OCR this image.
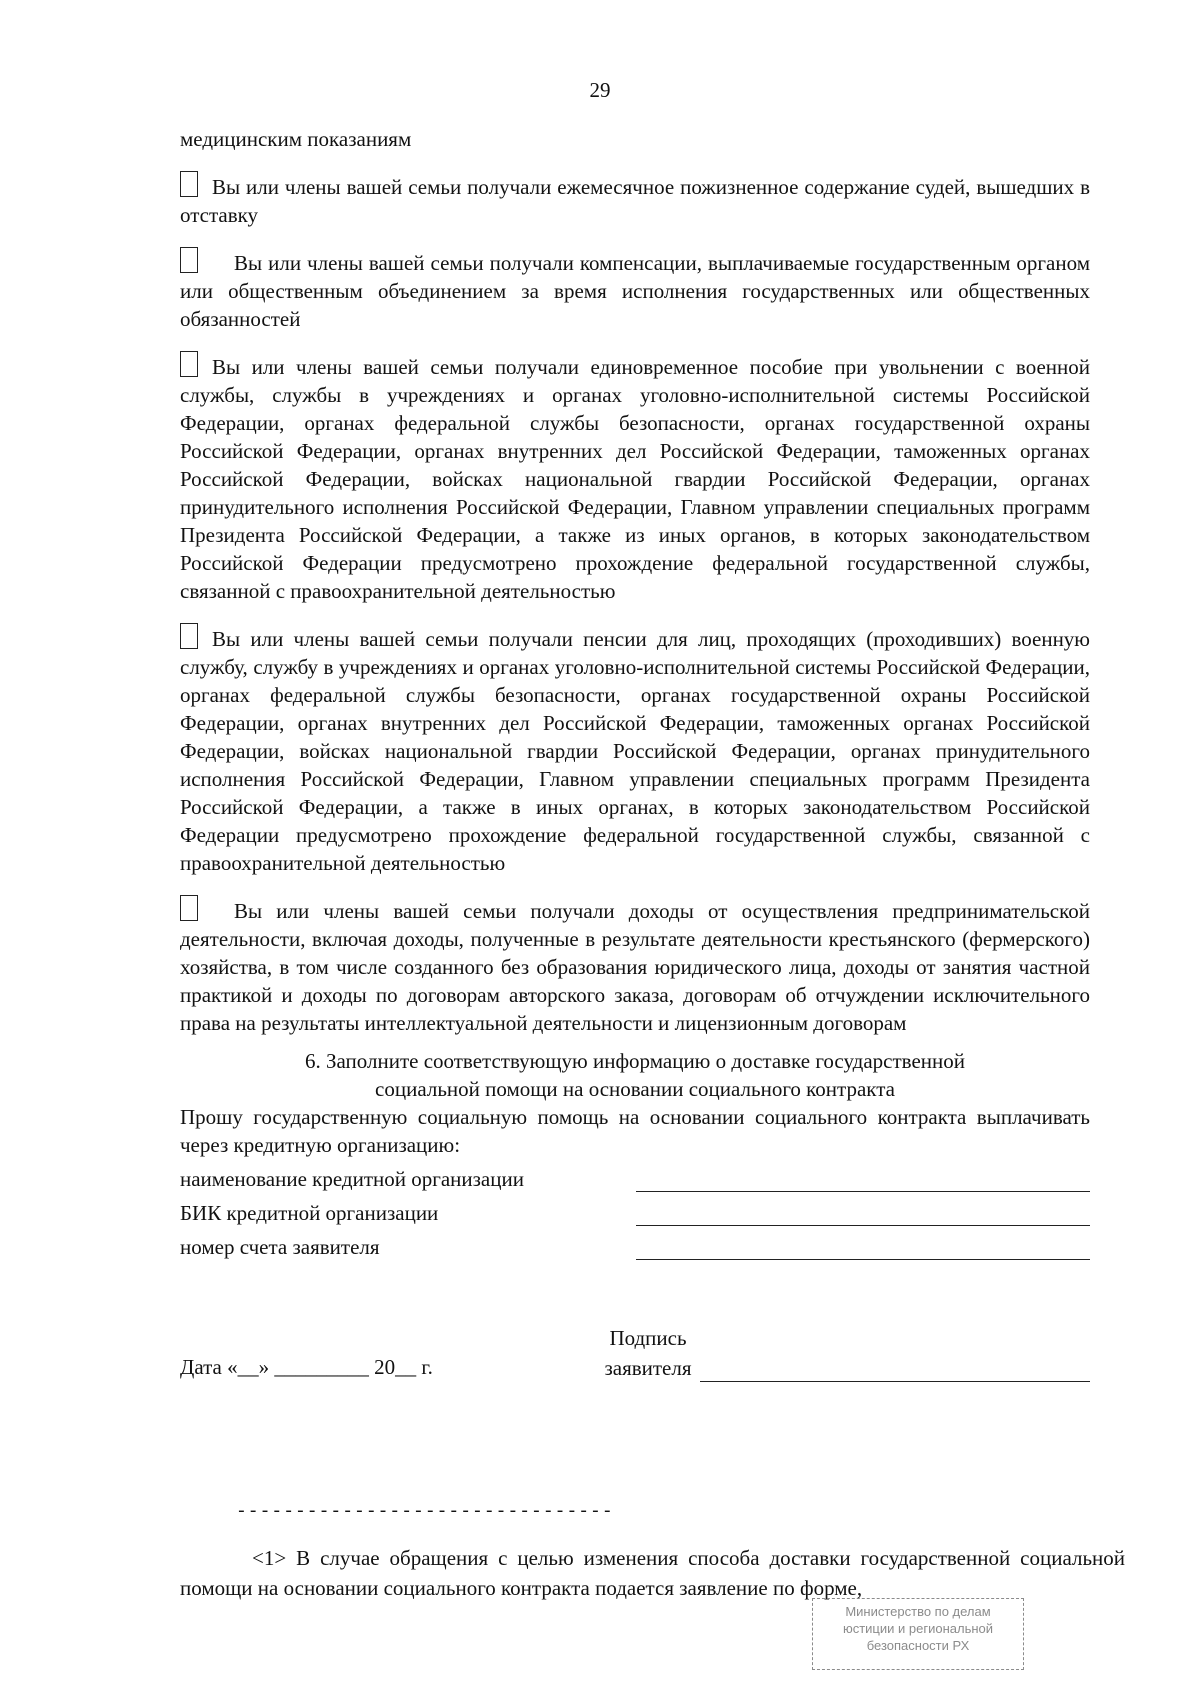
29

медицинским показаниям

Вы или члены вашей семьи получали ежемесячное пожизненное содержание судей, вышедших в отставку
Вы или члены вашей семьи получали компенсации, выплачиваемые государственным органом или общественным объединением за время исполнения государственных или общественных обязанностей
Вы или члены вашей семьи получали единовременное пособие при увольнении с военной службы, службы в учреждениях и органах уголовно-исполнительной системы Российской Федерации, органах федеральной службы безопасности, органах государственной охраны Российской Федерации, органах внутренних дел Российской Федерации, таможенных органах Российской Федерации, войсках национальной гвардии Российской Федерации, органах принудительного исполнения Российской Федерации, Главном управлении специальных программ Президента Российской Федерации, а также из иных органов, в которых законодательством Российской Федерации предусмотрено прохождение федеральной государственной службы, связанной с правоохранительной деятельностью
Вы или члены вашей семьи получали пенсии для лиц, проходящих (проходивших) военную службу, службу в учреждениях и органах уголовно-исполнительной системы Российской Федерации, органах федеральной службы безопасности, органах государственной охраны Российской Федерации, органах внутренних дел Российской Федерации, таможенных органах Российской Федерации, войсках национальной гвардии Российской Федерации, органах принудительного исполнения Российской Федерации, Главном управлении специальных программ Президента Российской Федерации, а также в иных органах, в которых законодательством Российской Федерации предусмотрено прохождение федеральной государственной службы, связанной с правоохранительной деятельностью
Вы или члены вашей семьи получали доходы от осуществления предпринимательской деятельности, включая доходы, полученные в результате деятельности крестьянского (фермерского) хозяйства, в том числе созданного без образования юридического лица, доходы от занятия частной практикой и доходы по договорам авторского заказа, договорам об отчуждении исключительного права на результаты интеллектуальной деятельности и лицензионным договорам
6. Заполните соответствующую информацию о доставке государственной
социальной помощи на основании социального контракта

Прошу государственную социальную помощь на основании социального контракта выплачивать через кредитную организацию:

наименование кредитной организации
БИК кредитной организации
номер счета заявителя
Дата «__» _________ 20__ г.
Подпись
заявителя
--------------------------------

<1> В случае обращения с целью изменения способа доставки государственной социальной помощи на основании социального контракта подается заявление по форме,

Министерство по делам
юстиции и региональной
безопасности РХ
